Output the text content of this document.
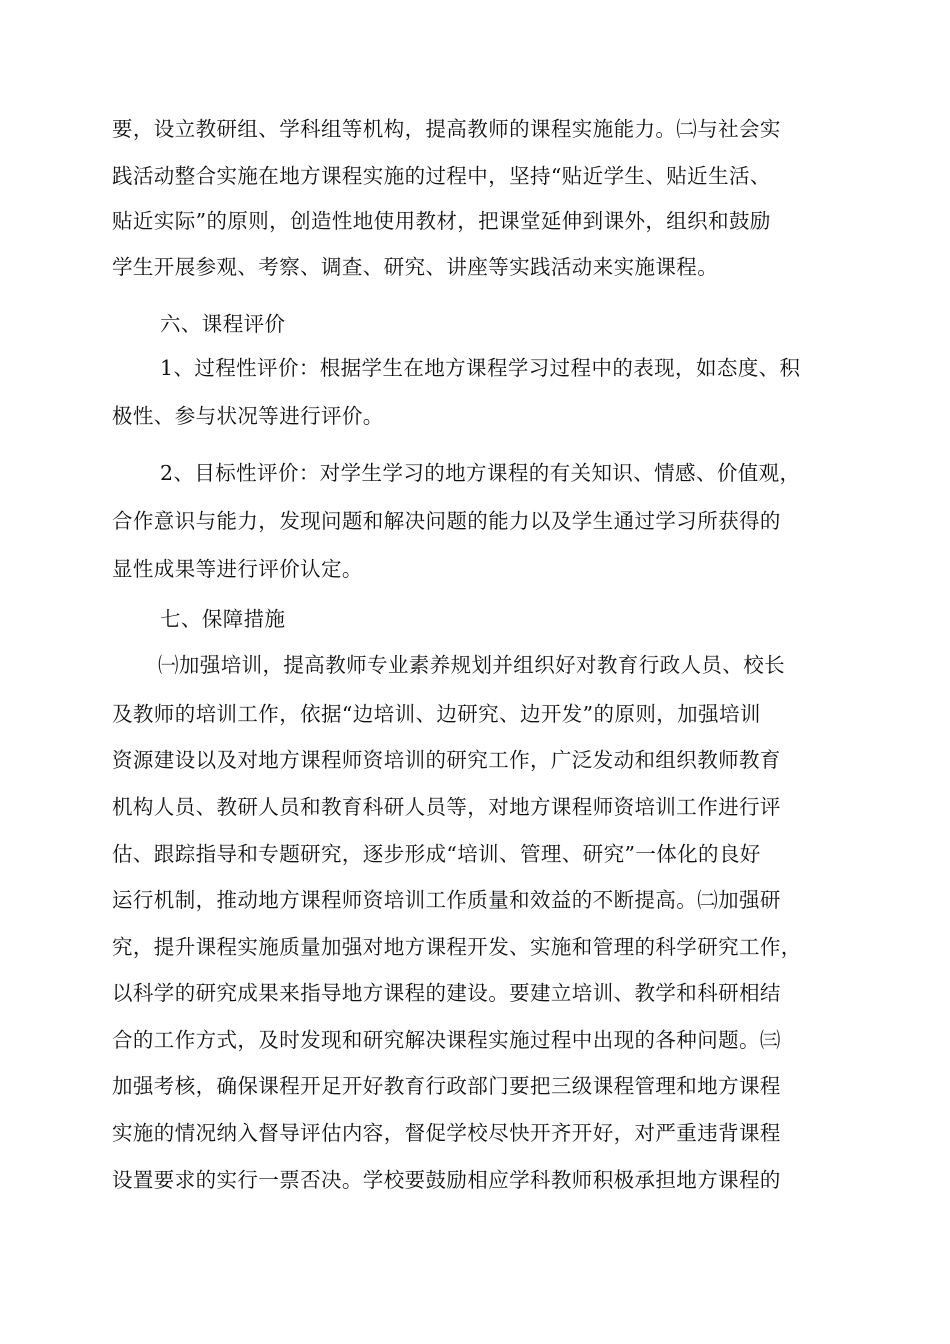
要，设立教研组、学科组等机构，提高教师的课程实施能力。㈡与社会实
践活动整合实施在地方课程实施的过程中，坚持“贴近学生、贴近生活、
贴近实际”的原则，创造性地使用教材，把课堂延伸到课外，组织和鼓励
学生开展参观、考察、调查、研究、讲座等实践活动来实施课程。
六、课程评价
1、过程性评价：根据学生在地方课程学习过程中的表现，如态度、积
极性、参与状况等进行评价。
2、目标性评价：对学生学习的地方课程的有关知识、情感、价值观，
合作意识与能力，发现问题和解决问题的能力以及学生通过学习所获得的
显性成果等进行评价认定。
七、保障措施
㈠加强培训，提高教师专业素养规划并组织好对教育行政人员、校长
及教师的培训工作，依据“边培训、边研究、边开发”的原则，加强培训
资源建设以及对地方课程师资培训的研究工作，广泛发动和组织教师教育
机构人员、教研人员和教育科研人员等，对地方课程师资培训工作进行评
估、跟踪指导和专题研究，逐步形成“培训、管理、研究”一体化的良好
运行机制，推动地方课程师资培训工作质量和效益的不断提高。㈡加强研
究，提升课程实施质量加强对地方课程开发、实施和管理的科学研究工作，
以科学的研究成果来指导地方课程的建设。要建立培训、教学和科研相结
合的工作方式，及时发现和研究解决课程实施过程中出现的各种问题。㈢
加强考核，确保课程开足开好教育行政部门要把三级课程管理和地方课程
实施的情况纳入督导评估内容，督促学校尽快开齐开好，对严重违背课程
设置要求的实行一票否决。学校要鼓励相应学科教师积极承担地方课程的
